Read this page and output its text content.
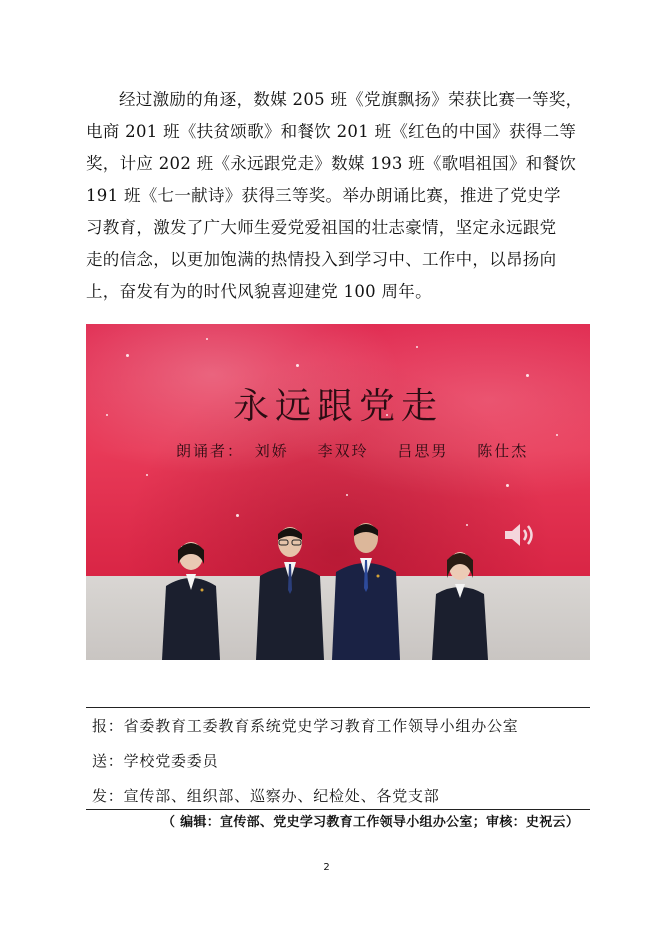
经过激励的角逐，数媒 205 班《党旗飘扬》荣获比赛一等奖，
电商 201 班《扶贫颂歌》和餐饮 201 班《红色的中国》获得二等
奖，计应 202 班《永远跟党走》数媒 193 班《歌唱祖国》和餐饮
191 班《七一献诗》获得三等奖。举办朗诵比赛，推进了党史学
习教育，激发了广大师生爱党爱祖国的壮志豪情，坚定永远跟党
走的信念，以更加饱满的热情投入到学习中、工作中，以昂扬向
上，奋发有为的时代风貌喜迎建党 100 周年。
永远跟党走
朗诵者： 刘娇 李双玲 吕思男 陈仕杰
报：省委教育工委教育系统党史学习教育工作领导小组办公室
送：学校党委委员
发：宣传部、组织部、巡察办、纪检处、各党支部
（ 编辑：宣传部、党史学习教育工作领导小组办公室；审核：史祝云）
2
